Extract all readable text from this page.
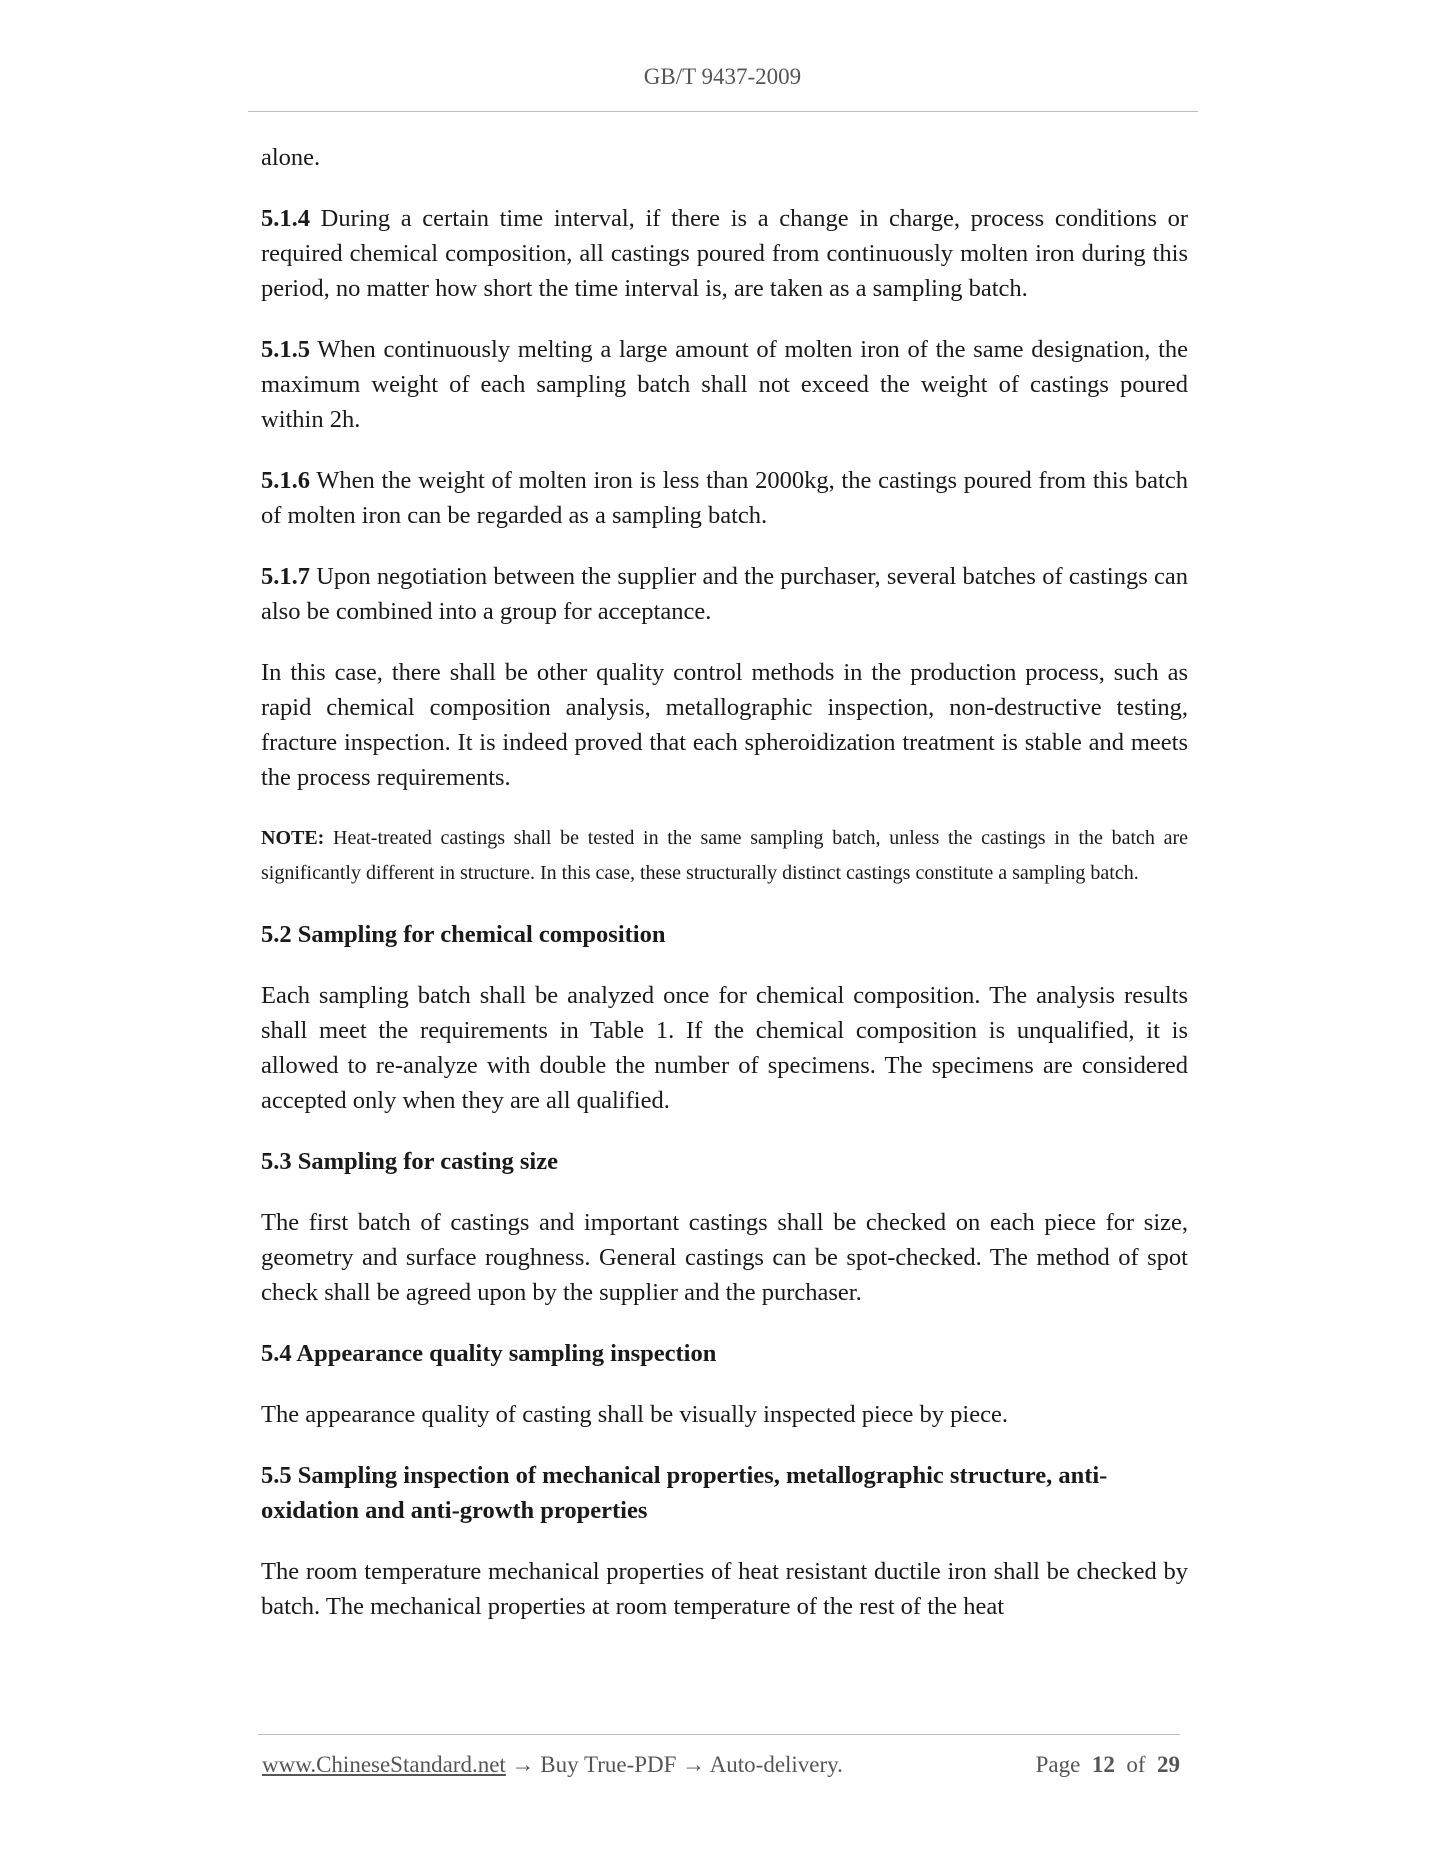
GB/T 9437-2009

alone.

5.1.4 During a certain time interval, if there is a change in charge, process conditions or required chemical composition, all castings poured from continuously molten iron during this period, no matter how short the time interval is, are taken as a sampling batch.

5.1.5 When continuously melting a large amount of molten iron of the same designation, the maximum weight of each sampling batch shall not exceed the weight of castings poured within 2h.

5.1.6 When the weight of molten iron is less than 2000kg, the castings poured from this batch of molten iron can be regarded as a sampling batch.

5.1.7 Upon negotiation between the supplier and the purchaser, several batches of castings can also be combined into a group for acceptance.

In this case, there shall be other quality control methods in the production process, such as rapid chemical composition analysis, metallographic inspection, non-destructive testing, fracture inspection. It is indeed proved that each spheroidization treatment is stable and meets the process requirements.

NOTE: Heat-treated castings shall be tested in the same sampling batch, unless the castings in the batch are significantly different in structure. In this case, these structurally distinct castings constitute a sampling batch.

5.2 Sampling for chemical composition

Each sampling batch shall be analyzed once for chemical composition. The analysis results shall meet the requirements in Table 1. If the chemical composition is unqualified, it is allowed to re-analyze with double the number of specimens. The specimens are considered accepted only when they are all qualified.

5.3 Sampling for casting size

The first batch of castings and important castings shall be checked on each piece for size, geometry and surface roughness. General castings can be spot-checked. The method of spot check shall be agreed upon by the supplier and the purchaser.

5.4 Appearance quality sampling inspection

The appearance quality of casting shall be visually inspected piece by piece.

5.5 Sampling inspection of mechanical properties, metallographic structure, anti-oxidation and anti-growth properties

The room temperature mechanical properties of heat resistant ductile iron shall be checked by batch. The mechanical properties at room temperature of the rest of the heat

www.ChineseStandard.net → Buy True-PDF → Auto-delivery.	Page 12 of 29
